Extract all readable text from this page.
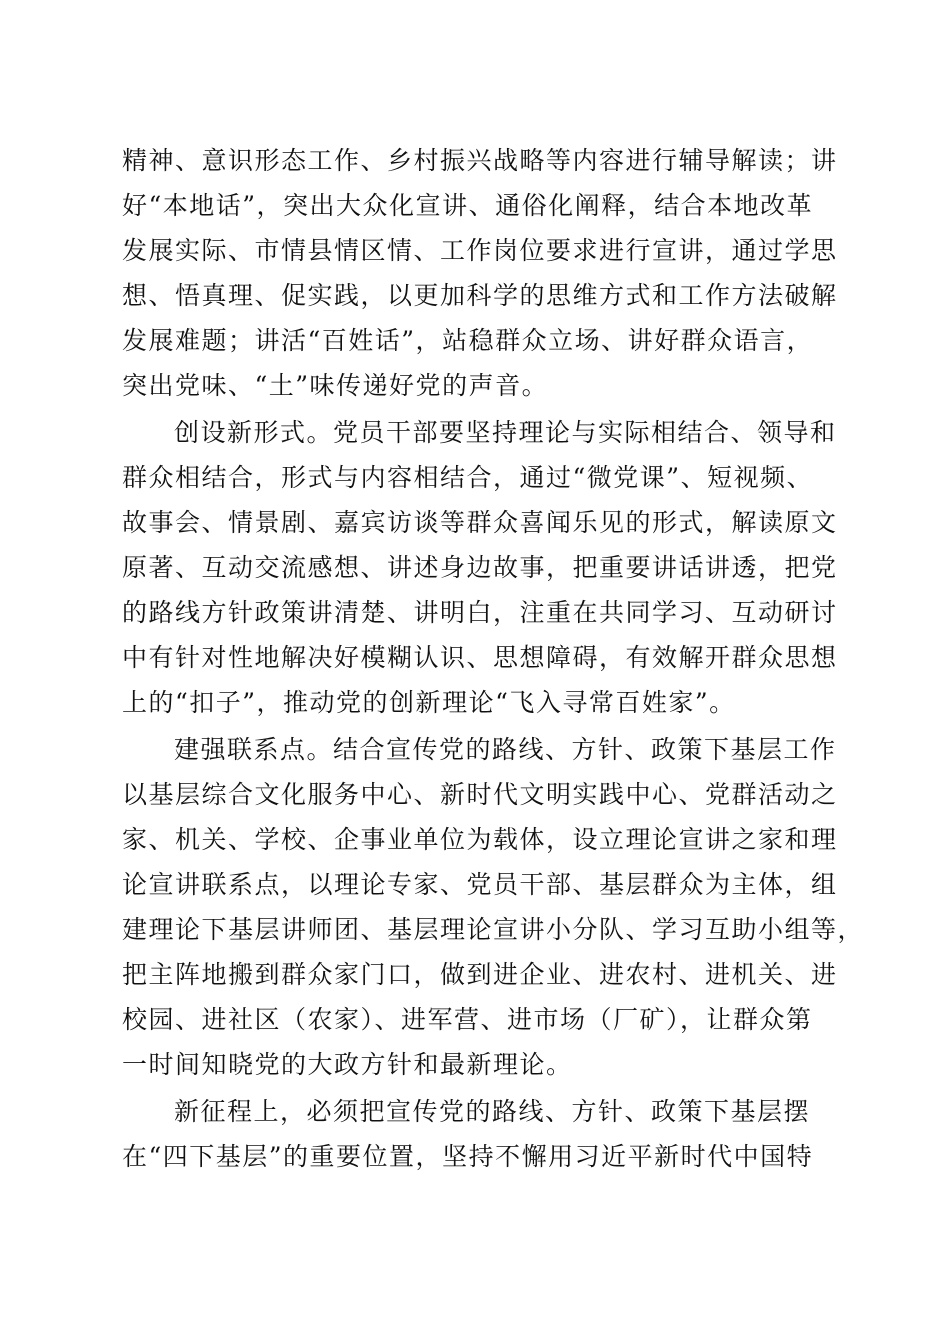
精神、意识形态工作、乡村振兴战略等内容进行辅导解读；讲
好“本地话”，突出大众化宣讲、通俗化阐释，结合本地改革
发展实际、市情县情区情、工作岗位要求进行宣讲，通过学思
想、悟真理、促实践，以更加科学的思维方式和工作方法破解
发展难题；讲活“百姓话”，站稳群众立场、讲好群众语言，
突出党味、“土”味传递好党的声音。
创设新形式。党员干部要坚持理论与实际相结合、领导和
群众相结合，形式与内容相结合，通过“微党课”、短视频、
故事会、情景剧、嘉宾访谈等群众喜闻乐见的形式，解读原文
原著、互动交流感想、讲述身边故事，把重要讲话讲透，把党
的路线方针政策讲清楚、讲明白，注重在共同学习、互动研讨
中有针对性地解决好模糊认识、思想障碍，有效解开群众思想
上的“扣子”，推动党的创新理论“飞入寻常百姓家”。
建强联系点。结合宣传党的路线、方针、政策下基层工作
以基层综合文化服务中心、新时代文明实践中心、党群活动之
家、机关、学校、企事业单位为载体，设立理论宣讲之家和理
论宣讲联系点，以理论专家、党员干部、基层群众为主体，组
建理论下基层讲师团、基层理论宣讲小分队、学习互助小组等，
把主阵地搬到群众家门口，做到进企业、进农村、进机关、进
校园、进社区（农家）、进军营、进市场（厂矿），让群众第
一时间知晓党的大政方针和最新理论。
新征程上，必须把宣传党的路线、方针、政策下基层摆
在“四下基层”的重要位置，坚持不懈用习近平新时代中国特
